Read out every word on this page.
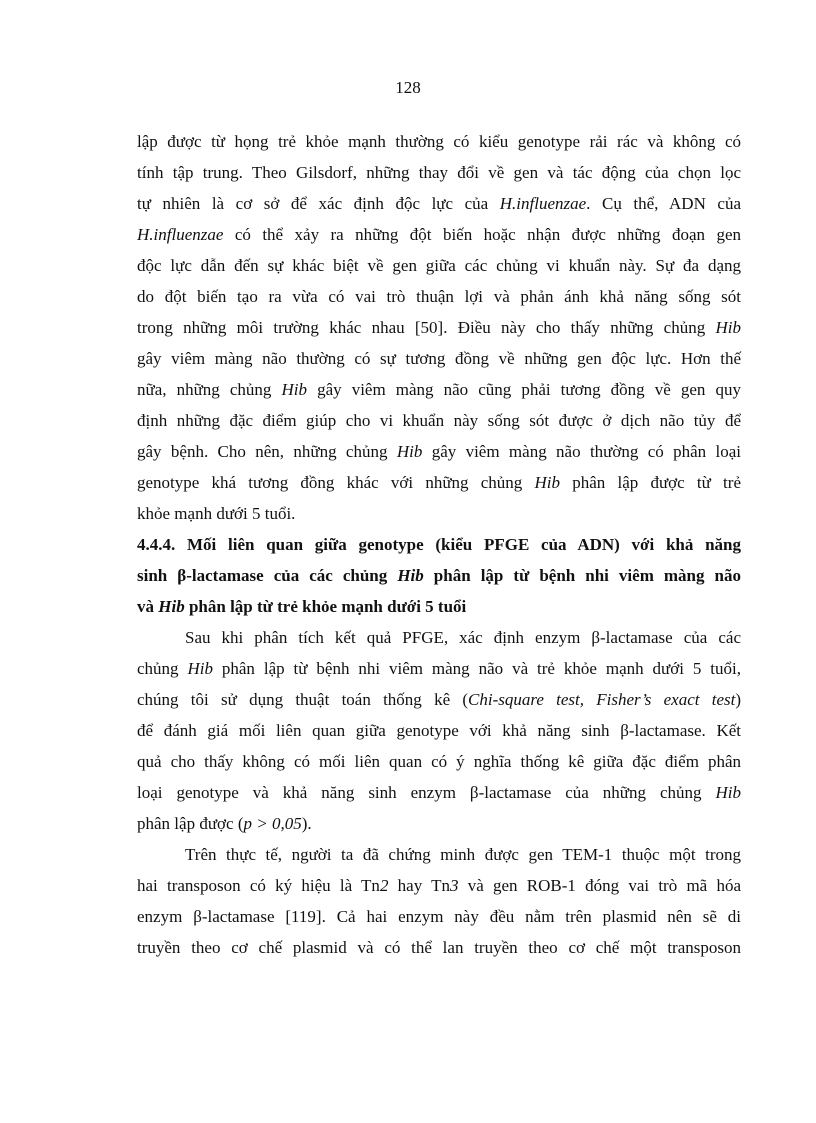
128
lập được từ họng trẻ khỏe mạnh thường có kiểu genotype rải rác và không có
tính tập trung. Theo Gilsdorf, những thay đổi về gen và tác động của chọn lọc
tự nhiên là cơ sở để xác định độc lực của H.influenzae. Cụ thể, ADN của
H.influenzae có thể xảy ra những đột biến hoặc nhận được những đoạn gen
độc lực dẫn đến sự khác biệt về gen giữa các chủng vi khuẩn này. Sự đa dạng
do đột biến tạo ra vừa có vai trò thuận lợi và phản ánh khả năng sống sót
trong những môi trường khác nhau [50]. Điều này cho thấy những chủng Hib
gây viêm màng não thường có sự tương đồng về những gen độc lực. Hơn thế
nữa, những chủng Hib gây viêm màng não cũng phải tương đồng về gen quy
định những đặc điểm giúp cho vi khuẩn này sống sót được ở dịch não tủy để
gây bệnh. Cho nên, những chủng Hib gây viêm màng não thường có phân loại
genotype khá tương đồng khác với những chủng Hib phân lập được từ trẻ
khỏe mạnh dưới 5 tuổi.
4.4.4. Mối liên quan giữa genotype (kiểu PFGE của ADN) với khả năng
sinh β-lactamase của các chủng Hib phân lập từ bệnh nhi viêm màng não
và Hib phân lập từ trẻ khỏe mạnh dưới 5 tuổi
Sau khi phân tích kết quả PFGE, xác định enzym β-lactamase của các
chủng Hib phân lập từ bệnh nhi viêm màng não và trẻ khỏe mạnh dưới 5 tuổi,
chúng tôi sử dụng thuật toán thống kê (Chi-square test, Fisher’s exact test)
để đánh giá mối liên quan giữa genotype với khả năng sinh β-lactamase. Kết
quả cho thấy không có mối liên quan có ý nghĩa thống kê giữa đặc điểm phân
loại genotype và khả năng sinh enzym β-lactamase của những chủng Hib
phân lập được (p > 0,05).
Trên thực tế, người ta đã chứng minh được gen TEM-1 thuộc một trong
hai transposon có ký hiệu là Tn2 hay Tn3 và gen ROB-1 đóng vai trò mã hóa
enzym β-lactamase [119]. Cả hai enzym này đều nằm trên plasmid nên sẽ di
truyền theo cơ chế plasmid và có thể lan truyền theo cơ chế một transposon
